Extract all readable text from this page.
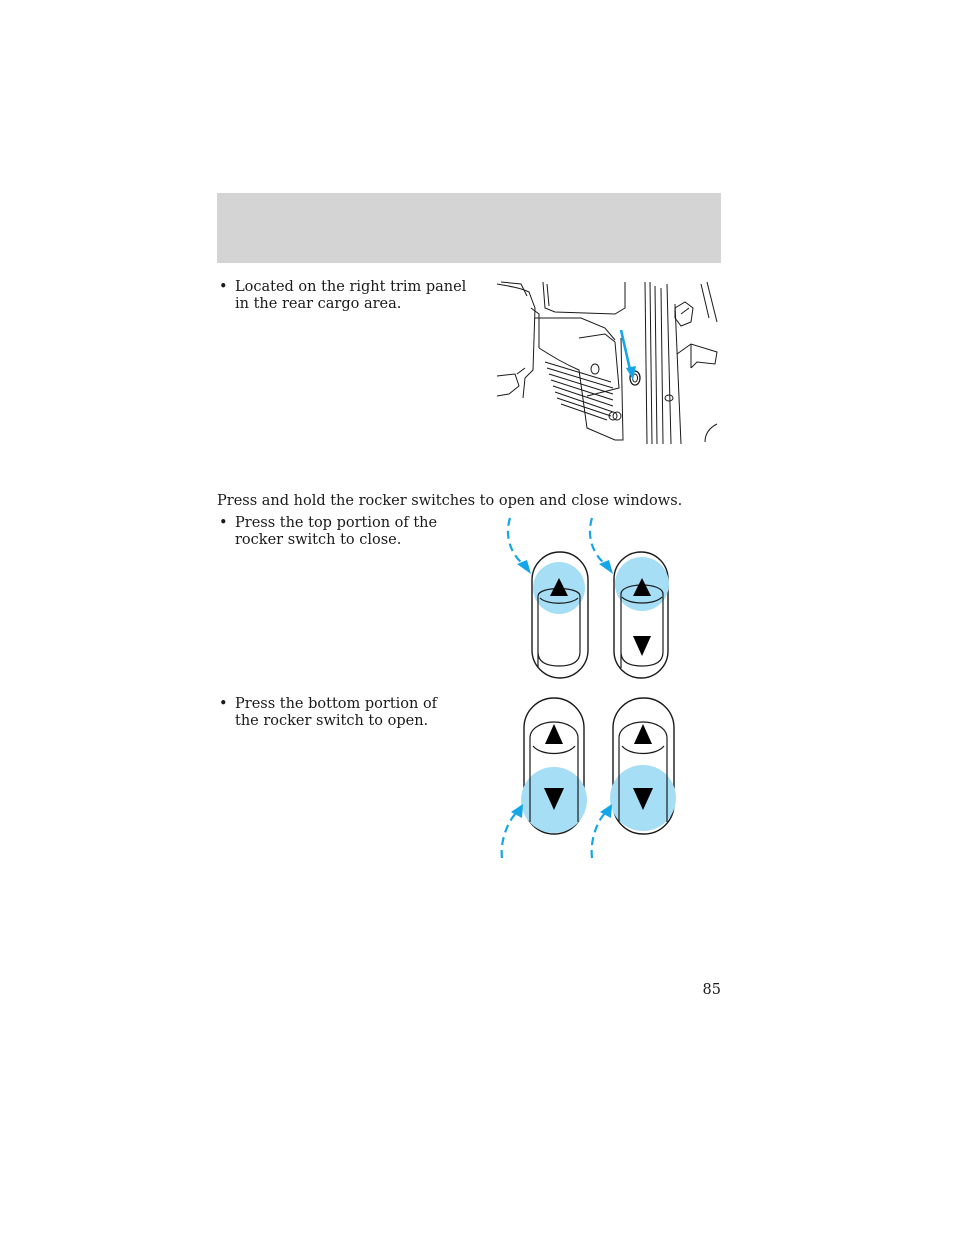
• Located on the right trim panel in the rear cargo area.
Press and hold the rocker switches to open and close windows.
• Press the top portion of the rocker switch to close.
• Press the bottom portion of the rocker switch to open.
85
